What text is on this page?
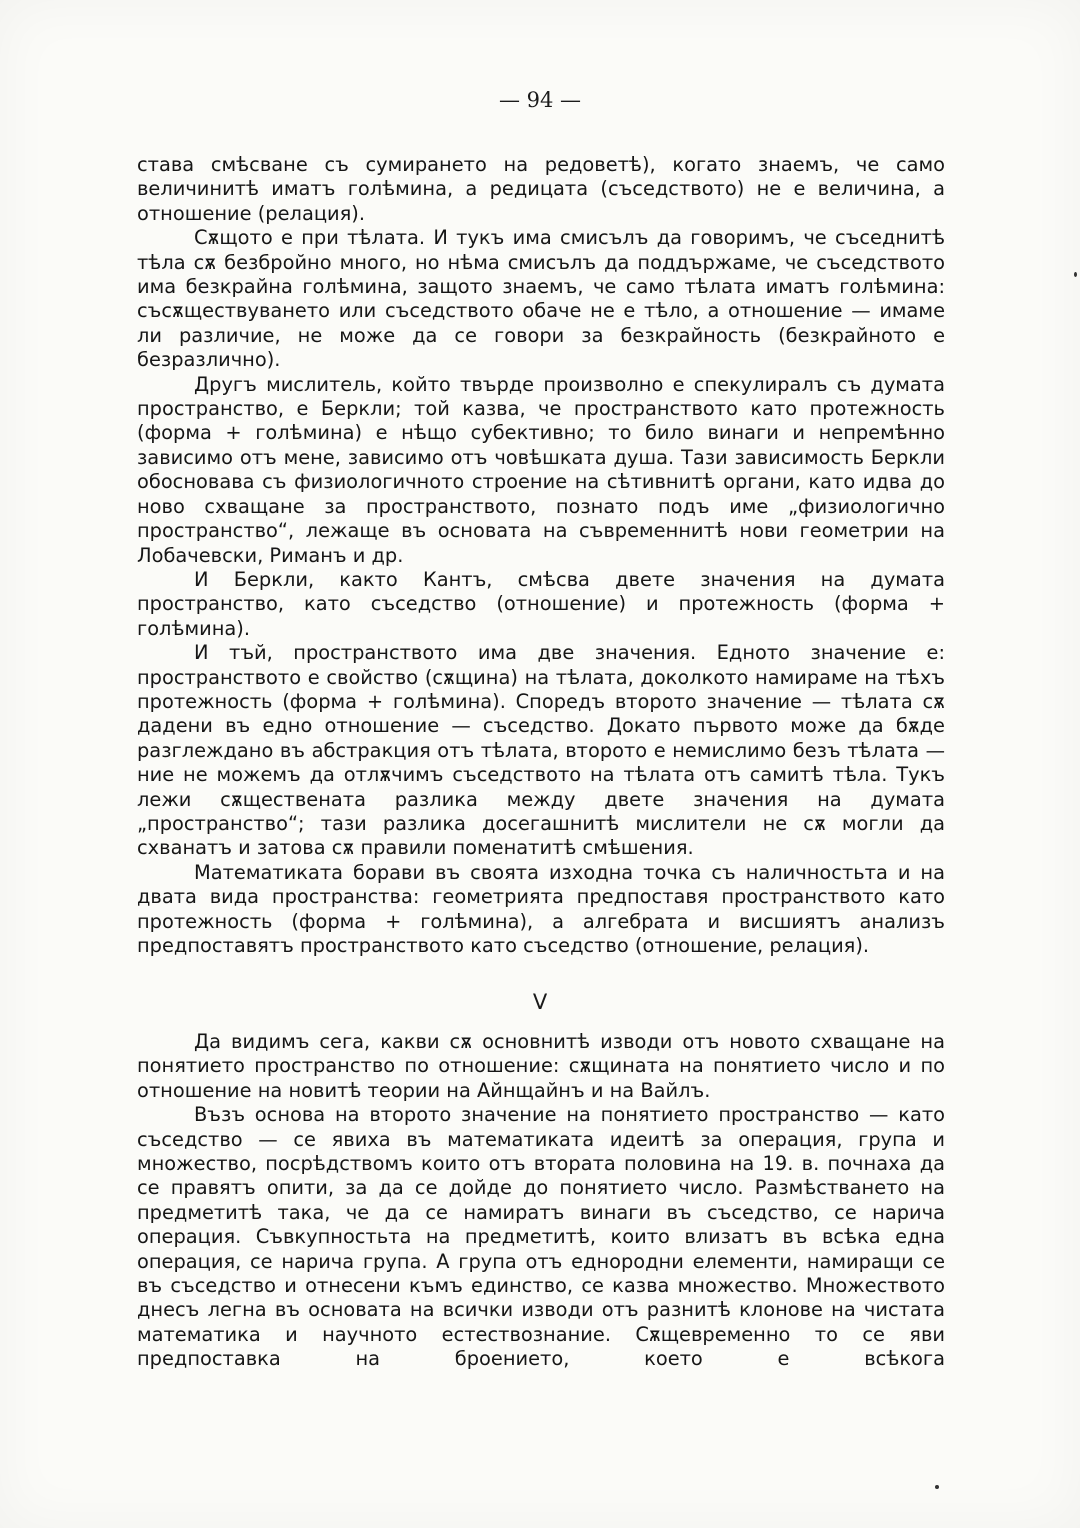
— 94 —

става смѣсване съ сумирането на редоветѣ), когато знаемъ, че само величинитѣ иматъ голѣмина, а редицата (съседството) не е величина, а отношение (релация).

Сѫщото е при тѣлата. И тукъ има смисълъ да говоримъ, че съседнитѣ тѣла сѫ безбройно много, но нѣма смисълъ да поддържаме, че съседството има безкрайна голѣмина, защото знаемъ, че само тѣлата иматъ голѣмина: съсѫществуването или съседството обаче не е тѣло, а отношение — имаме ли различие, не може да се говори за безкрайность (безкрайното е безразлично).

Другъ мислитель, който твърде произволно е спекулиралъ съ думата пространство, е Беркли; той казва, че пространството като протежность (форма + голѣмина) е нѣщо субективно; то било винаги и непремѣнно зависимо отъ мене, зависимо отъ човѣшката душа. Тази зависимость Беркли обосновава съ физиологичното строение на сѣтивнитѣ органи, като идва до ново схващане за пространството, познато подъ име „физиологично пространство“, лежаще въ основата на съвременнитѣ нови геометрии на Лобачевски, Риманъ и др.

И Беркли, както Кантъ, смѣсва двете значения на думата пространство, като съседство (отношение) и протежность (форма + голѣмина).

И тъй, пространството има две значения. Едното значение е: пространството е свойство (сѫщина) на тѣлата, доколкото намираме на тѣхъ протежность (форма + голѣмина). Споредъ второто значение — тѣлата сѫ дадени въ едно отношение — съседство. Докато първото може да бѫде разглеждано въ абстракция отъ тѣлата, второто е немислимо безъ тѣлата — ние не можемъ да отлѫчимъ съседството на тѣлата отъ самитѣ тѣла. Тукъ лежи сѫществената разлика между двете значения на думата „пространство“; тази разлика досегашнитѣ мислители не сѫ могли да схванатъ и затова сѫ правили поменатитѣ смѣшения.

Математиката борави въ своята изходна точка съ наличностьта и на двата вида пространства: геометрията предпоставя пространството като протежность (форма + голѣмина), а алгебрата и висшиятъ анализъ предпоставятъ пространството като съседство (отношение, релация).

V

Да видимъ сега, какви сѫ основнитѣ изводи отъ новото схващане на понятието пространство по отношение: сѫщината на понятието число и по отношение на новитѣ теории на Айнщайнъ и на Вайлъ.

Възъ основа на второто значение на понятието пространство — като съседство — се явиха въ математиката идеитѣ за операция, група и множество, посрѣдствомъ които отъ втората половина на 19. в. почнаха да се правятъ опити, за да се дойде до понятието число. Размѣстването на предметитѣ така, че да се намиратъ винаги въ съседство, се нарича операция. Съвкупностьта на предметитѣ, които влизатъ въ всѣка една операция, се нарича група. А група отъ еднородни елементи, намиращи се въ съседство и отнесени къмъ единство, се казва множество. Множеството днесъ легна въ основата на всички изводи отъ разнитѣ клонове на чистата математика и научното естествознание. Сѫщевременно то се яви предпоставка на броението, което е всѣкога
